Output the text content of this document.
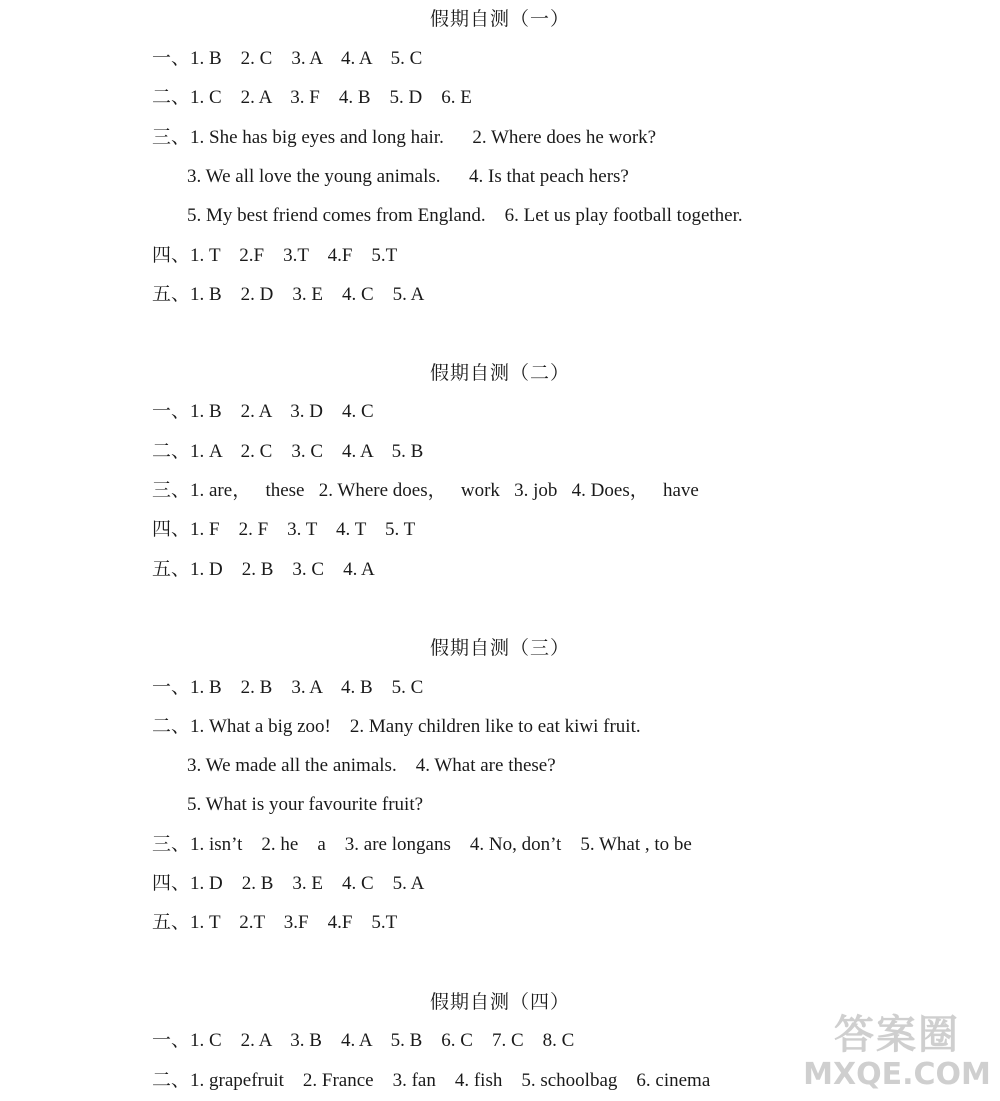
假期自测（一）
一、1. B    2. C    3. A    4. A    5. C
二、1. C    2. A    3. F    4. B    5. D    6. E
三、1. She has big eyes and long hair.      2. Where does he work?
3. We all love the young animals.      4. Is that peach hers?
5. My best friend comes from England.    6. Let us play football together.
四、1. T    2.F    3.T    4.F    5.T
五、1. B    2. D    3. E    4. C    5. A
假期自测（二）
一、1. B    2. A    3. D    4. C
二、1. A    2. C    3. C    4. A    5. B
三、1. are，   these   2. Where does，   work   3. job   4. Does，   have
四、1. F    2. F    3. T    4. T    5. T
五、1. D    2. B    3. C    4. A
假期自测（三）
一、1. B    2. B    3. A    4. B    5. C
二、1. What a big zoo!    2. Many children like to eat kiwi fruit.
3. We made all the animals.    4. What are these?
5. What is your favourite fruit?
三、1. isn’t    2. he    a    3. are longans    4. No, don’t    5. What , to be
四、1. D    2. B    3. E    4. C    5. A
五、1. T    2.T    3.F    4.F    5.T
假期自测（四）
一、1. C    2. A    3. B    4. A    5. B    6. C    7. C    8. C
二、1. grapefruit    2. France    3. fan    4. fish    5. schoolbag    6. cinema
答案圈
MXQE.COM
